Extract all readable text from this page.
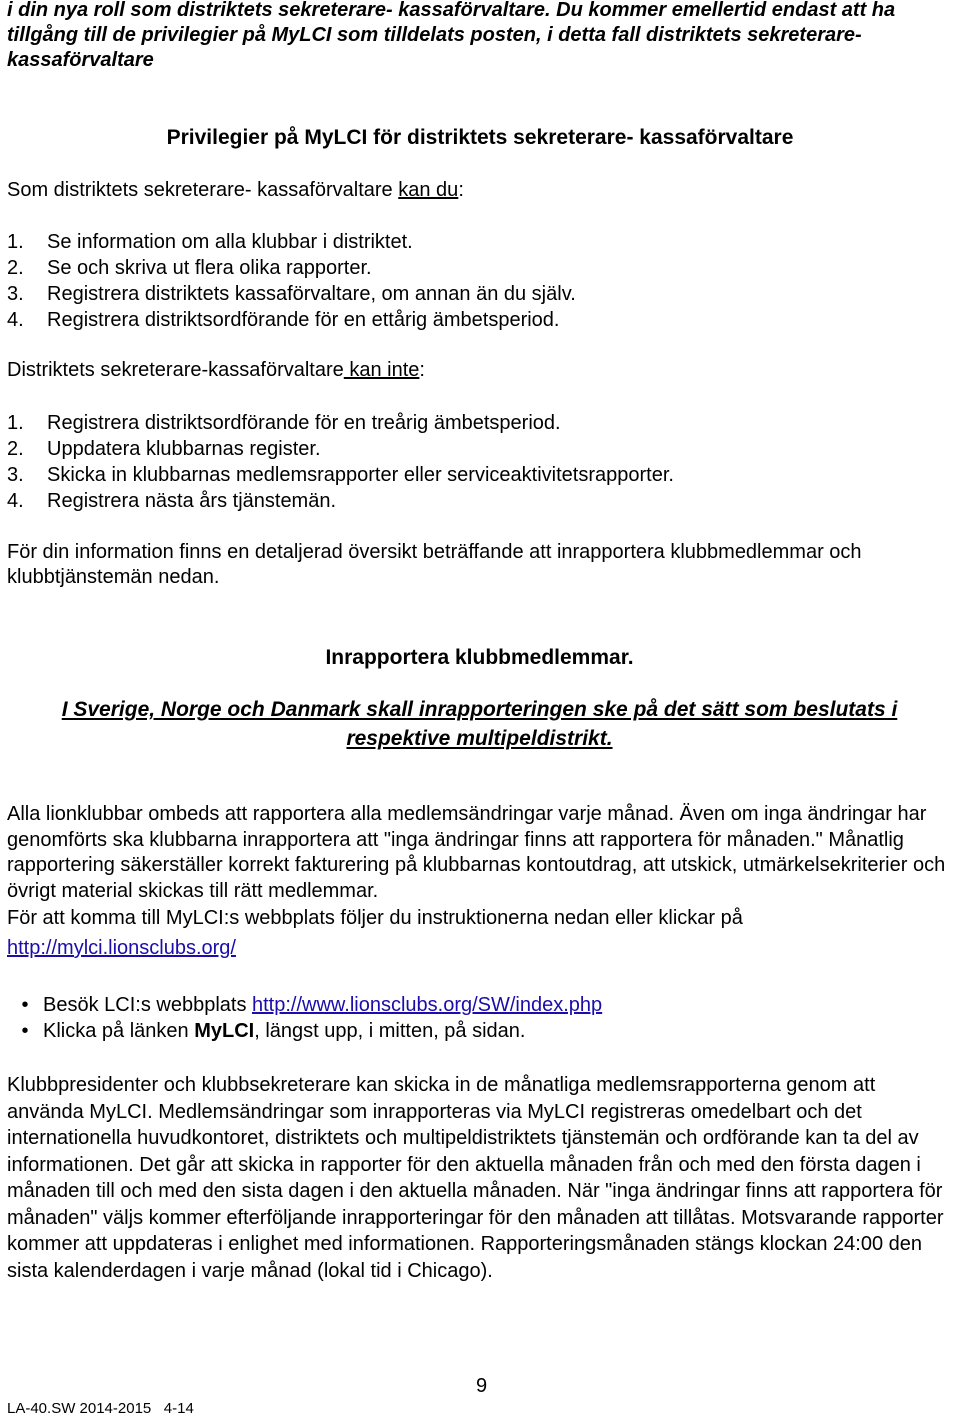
i din nya roll som distriktets sekreterare- kassaförvaltare. Du kommer emellertid endast att ha tillgång till de privilegier på MyLCI som tilldelats posten, i detta fall distriktets sekreterare-kassaförvaltare
Privilegier på MyLCI för distriktets sekreterare- kassaförvaltare
Som distriktets sekreterare- kassaförvaltare kan du:
1.	Se information om alla klubbar i distriktet.
2.	Se och skriva ut flera olika rapporter.
3.	Registrera distriktets kassaförvaltare, om annan än du själv.
4.	Registrera distriktsordförande för en ettårig ämbetsperiod.
Distriktets sekreterare-kassaförvaltare kan inte:
1.	Registrera distriktsordförande för en treårig ämbetsperiod.
2.	Uppdatera klubbarnas register.
3.	Skicka in klubbarnas medlemsrapporter eller serviceaktivitetsrapporter.
4.	Registrera nästa års tjänstemän.
För din information finns en detaljerad översikt beträffande att inrapportera klubbmedlemmar och klubbtjänstemän nedan.
Inrapportera klubbmedlemmar.
I Sverige, Norge och Danmark skall inrapporteringen ske på det sätt som beslutats i
respektive multipeldistrikt.
Alla lionklubbar ombeds att rapportera alla medlemsändringar varje månad. Även om inga ändringar har genomförts ska klubbarna inrapportera att "inga ändringar finns att rapportera för månaden." Månatlig rapportering säkerställer korrekt fakturering på klubbarnas kontoutdrag, att utskick, utmärkelsekriterier och övrigt material skickas till rätt medlemmar.
För att komma till MyLCI:s webbplats följer du instruktionerna nedan eller klickar på
http://mylci.lionsclubs.org/
• Besök LCI:s webbplats http://www.lionsclubs.org/SW/index.php
• Klicka på länken MyLCI, längst upp, i mitten, på sidan.
Klubbpresidenter och klubbsekreterare kan skicka in de månatliga medlemsrapporterna genom att använda MyLCI. Medlemsändringar som inrapporteras via MyLCI registreras omedelbart och det internationella huvudkontoret, distriktets och multipeldistriktets tjänstemän och ordförande kan ta del av informationen. Det går att skicka in rapporter för den aktuella månaden från och med den första dagen i månaden till och med den sista dagen i den aktuella månaden. När "inga ändringar finns att rapportera för månaden" väljs kommer efterföljande inrapporteringar för den månaden att tillåtas. Motsvarande rapporter kommer att uppdateras i enlighet med informationen. Rapporteringsmånaden stängs klockan 24:00 den sista kalenderdagen i varje månad (lokal tid i Chicago).
9
LA-40.SW 2014-2015   4-14
